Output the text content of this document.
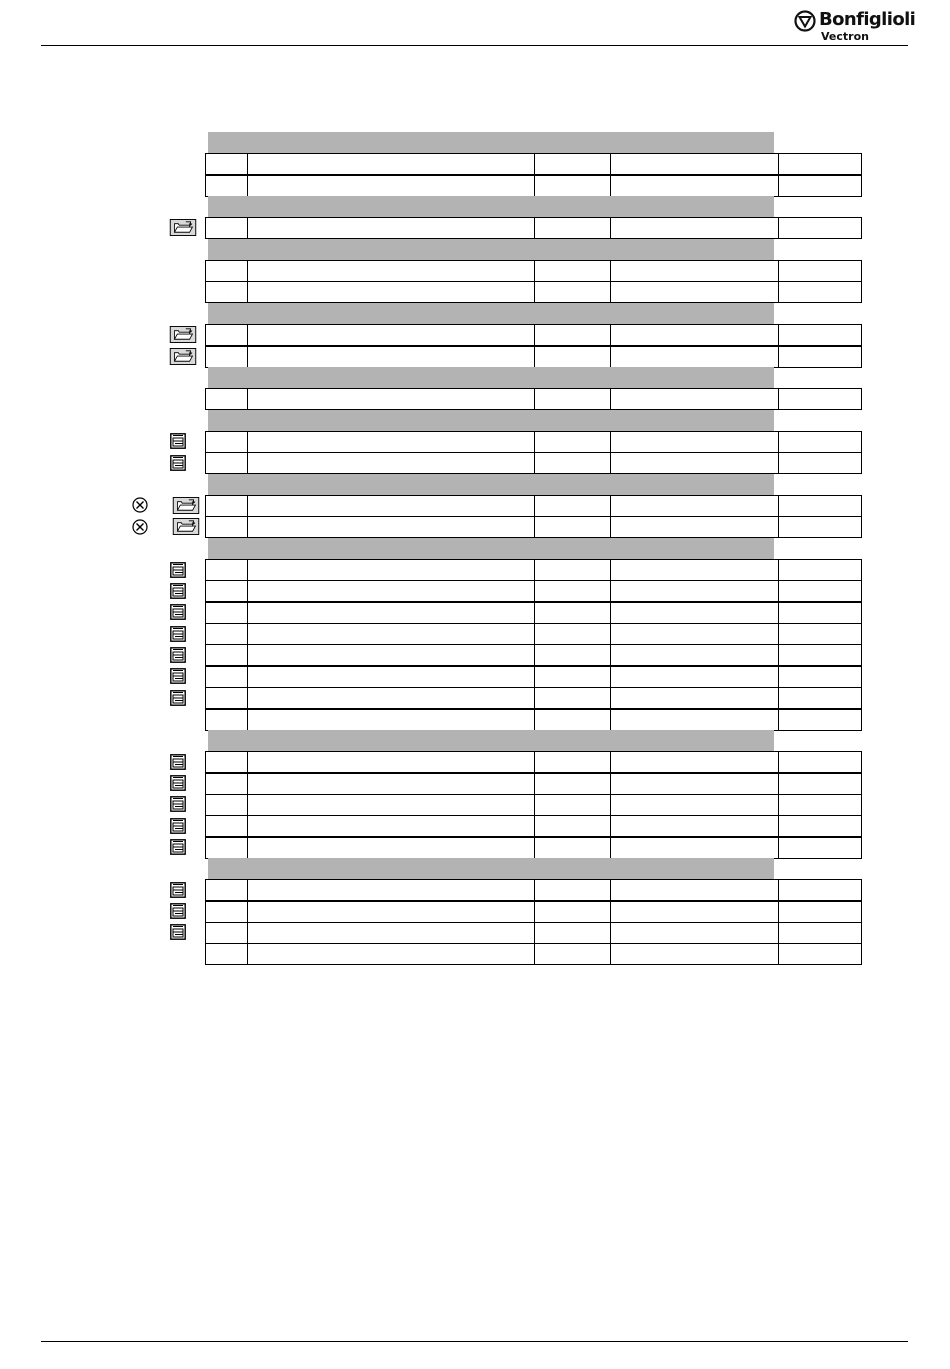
Bonfiglioli
Vectron
